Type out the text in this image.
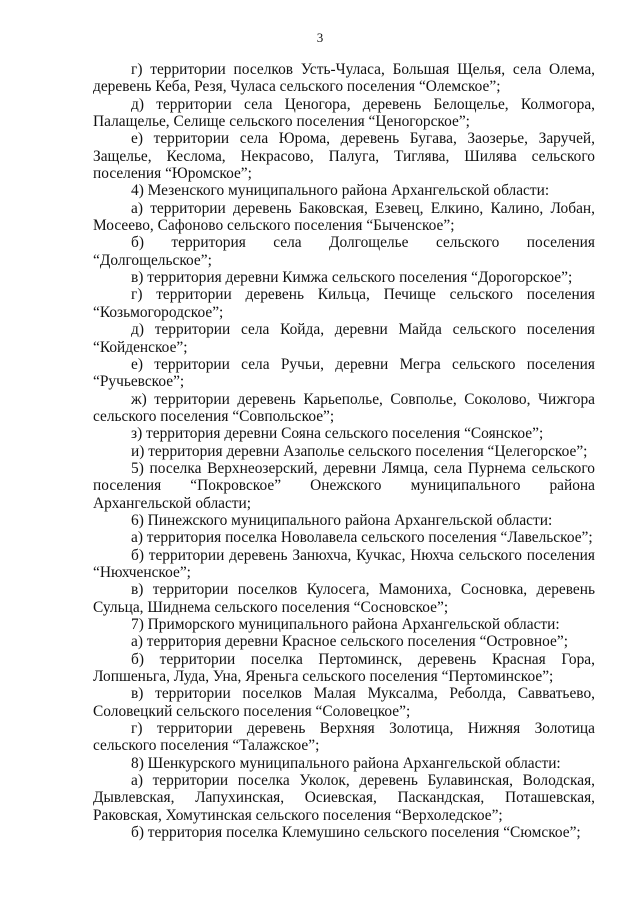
3

г) территории поселков Усть-Чуласа, Большая Щелья, села Олема, деревень Кеба, Резя, Чуласа сельского поселения “Олемское”;

д) территории села Ценогора, деревень Белощелье, Колмогора, Палащелье, Селище сельского поселения “Ценогорское”;

е) территории села Юрома, деревень Бугава, Заозерье, Заручей, Защелье, Кеслома, Некрасово, Палуга, Тиглява, Шилява сельского поселения “Юромское”;

4) Мезенского муниципального района Архангельской области:

а) территории деревень Баковская, Езевец, Елкино, Калино, Лобан, Мосеево, Сафоново сельского поселения “Быченское”;

б) территория села Долгощелье сельского поселения “Долгощельское”;

в) территория деревни Кимжа сельского поселения “Дорогорское”;

г) территории деревень Кильца, Печище сельского поселения “Козьмогородское”;

д) территории села Койда, деревни Майда сельского поселения “Койденское”;

е) территории села Ручьи, деревни Мегра сельского поселения “Ручьевское”;

ж) территории деревень Карьеполье, Совполье, Соколово, Чижгора сельского поселения “Совпольское”;

з) территория деревни Сояна сельского поселения “Соянское”;

и) территория деревни Азаполье сельского поселения “Целегорское”;

5) поселка Верхнеозерский, деревни Лямца, села Пурнема сельского поселения “Покровское” Онежского муниципального района Архангельской области;

6) Пинежского муниципального района Архангельской области:

а) территория поселка Новолавела сельского поселения “Лавельское”;

б) территории деревень Занюхча, Кучкас, Нюхча сельского поселения “Нюхченское”;

в) территории поселков Кулосега, Мамониха, Сосновка, деревень Сульца, Шиднема сельского поселения “Сосновское”;

7) Приморского муниципального района Архангельской области:

а) территория деревни Красное сельского поселения “Островное”;

б) территории поселка Пертоминск, деревень Красная Гора, Лопшеньга, Луда, Уна, Яреньга сельского поселения “Пертоминское”;

в) территории поселков Малая Муксалма, Реболда, Савватьево, Соловецкий сельского поселения “Соловецкое”;

г) территории деревень Верхняя Золотица, Нижняя Золотица сельского поселения “Талажское”;

8) Шенкурского муниципального района Архангельской области:

а) территории поселка Уколок, деревень Булавинская, Володская, Дывлевская, Лапухинская, Осиевская, Паскандская, Поташевская, Раковская, Хомутинская сельского поселения “Верхоледское”;

б) территория поселка Клемушино сельского поселения “Сюмское”;
